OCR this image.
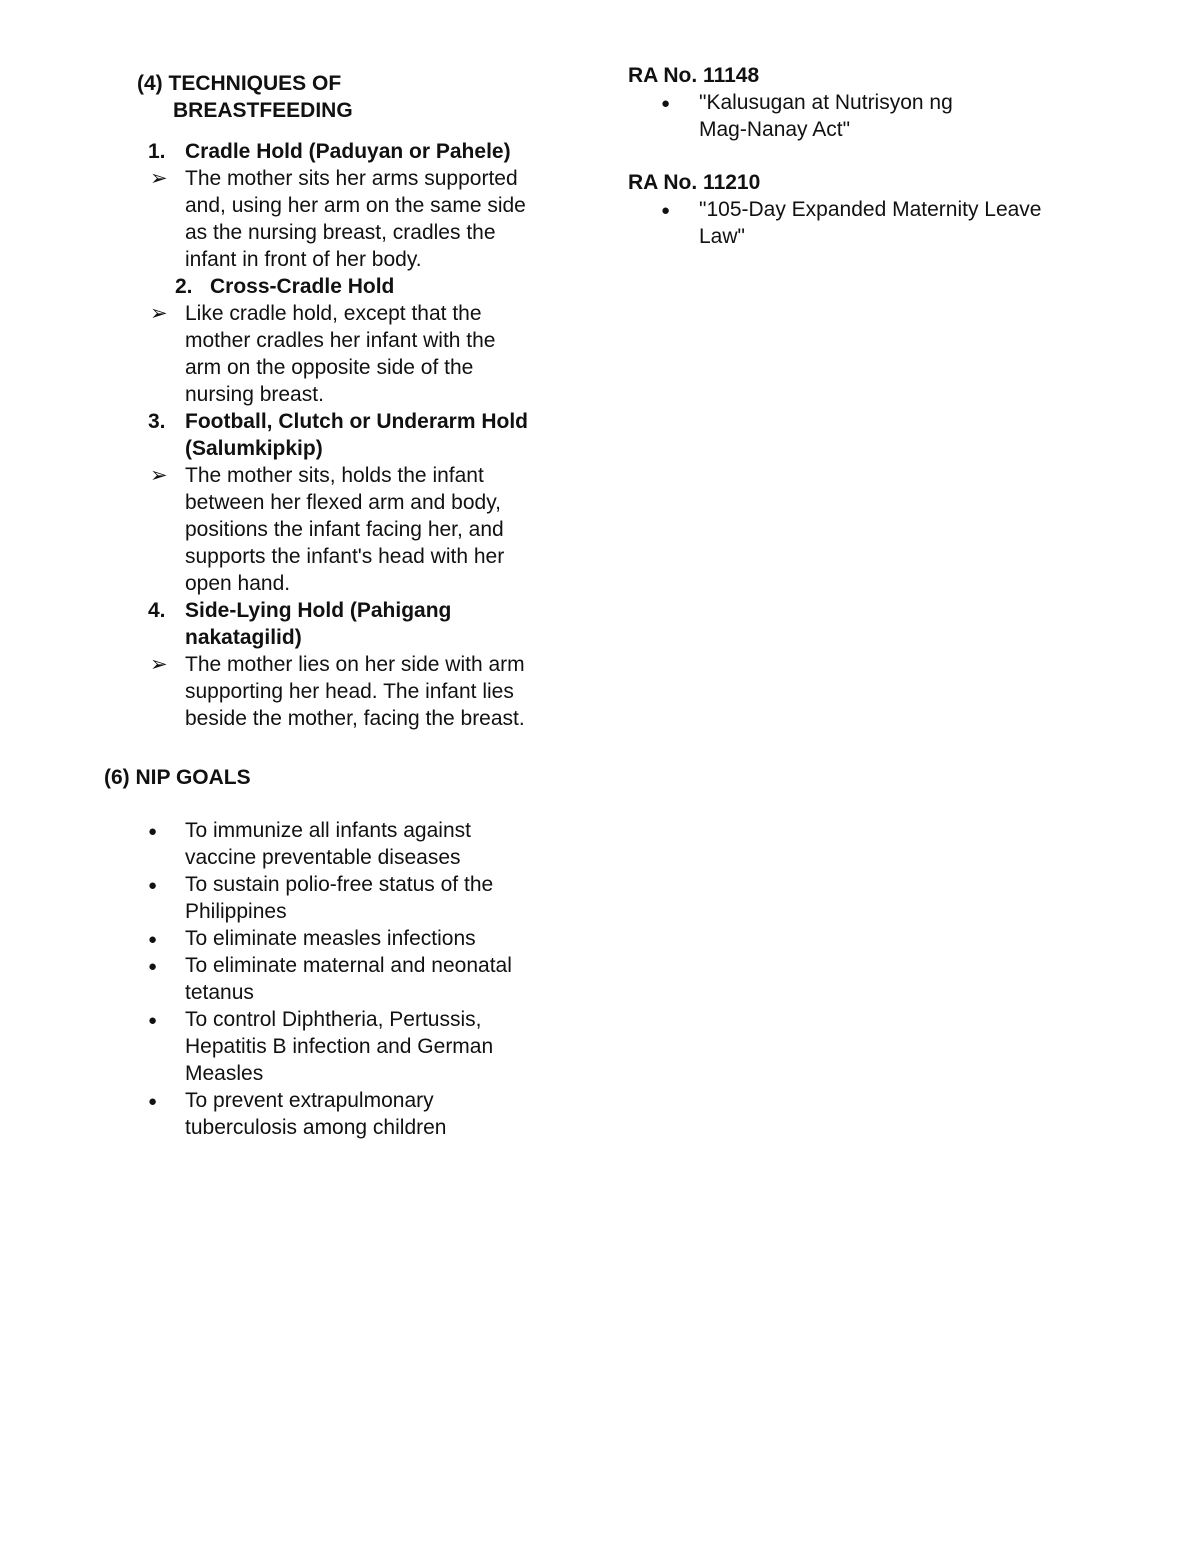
(4) TECHNIQUES OF
BREASTFEEDING
1. Cradle Hold (Paduyan or Pahele)
➢ The mother sits her arms supported
and, using her arm on the same side
as the nursing breast, cradles the
infant in front of her body.
2. Cross-Cradle Hold
➢ Like cradle hold, except that the
mother cradles her infant with the
arm on the opposite side of the
nursing breast.
3. Football, Clutch or Underarm Hold
(Salumkipkip)
➢ The mother sits, holds the infant
between her flexed arm and body,
positions the infant facing her, and
supports the infant's head with her
open hand.
4. Side-Lying Hold (Pahigang
nakatagilid)
➢ The mother lies on her side with arm
supporting her head. The infant lies
beside the mother, facing the breast.
(6) NIP GOALS
● To immunize all infants against
vaccine preventable diseases
● To sustain polio-free status of the
Philippines
● To eliminate measles infections
● To eliminate maternal and neonatal
tetanus
● To control Diphtheria, Pertussis,
Hepatitis B infection and German
Measles
● To prevent extrapulmonary
tuberculosis among children
RA No. 11148
● "Kalusugan at Nutrisyon ng
Mag-Nanay Act"
RA No. 11210
● "105-Day Expanded Maternity Leave
Law"
